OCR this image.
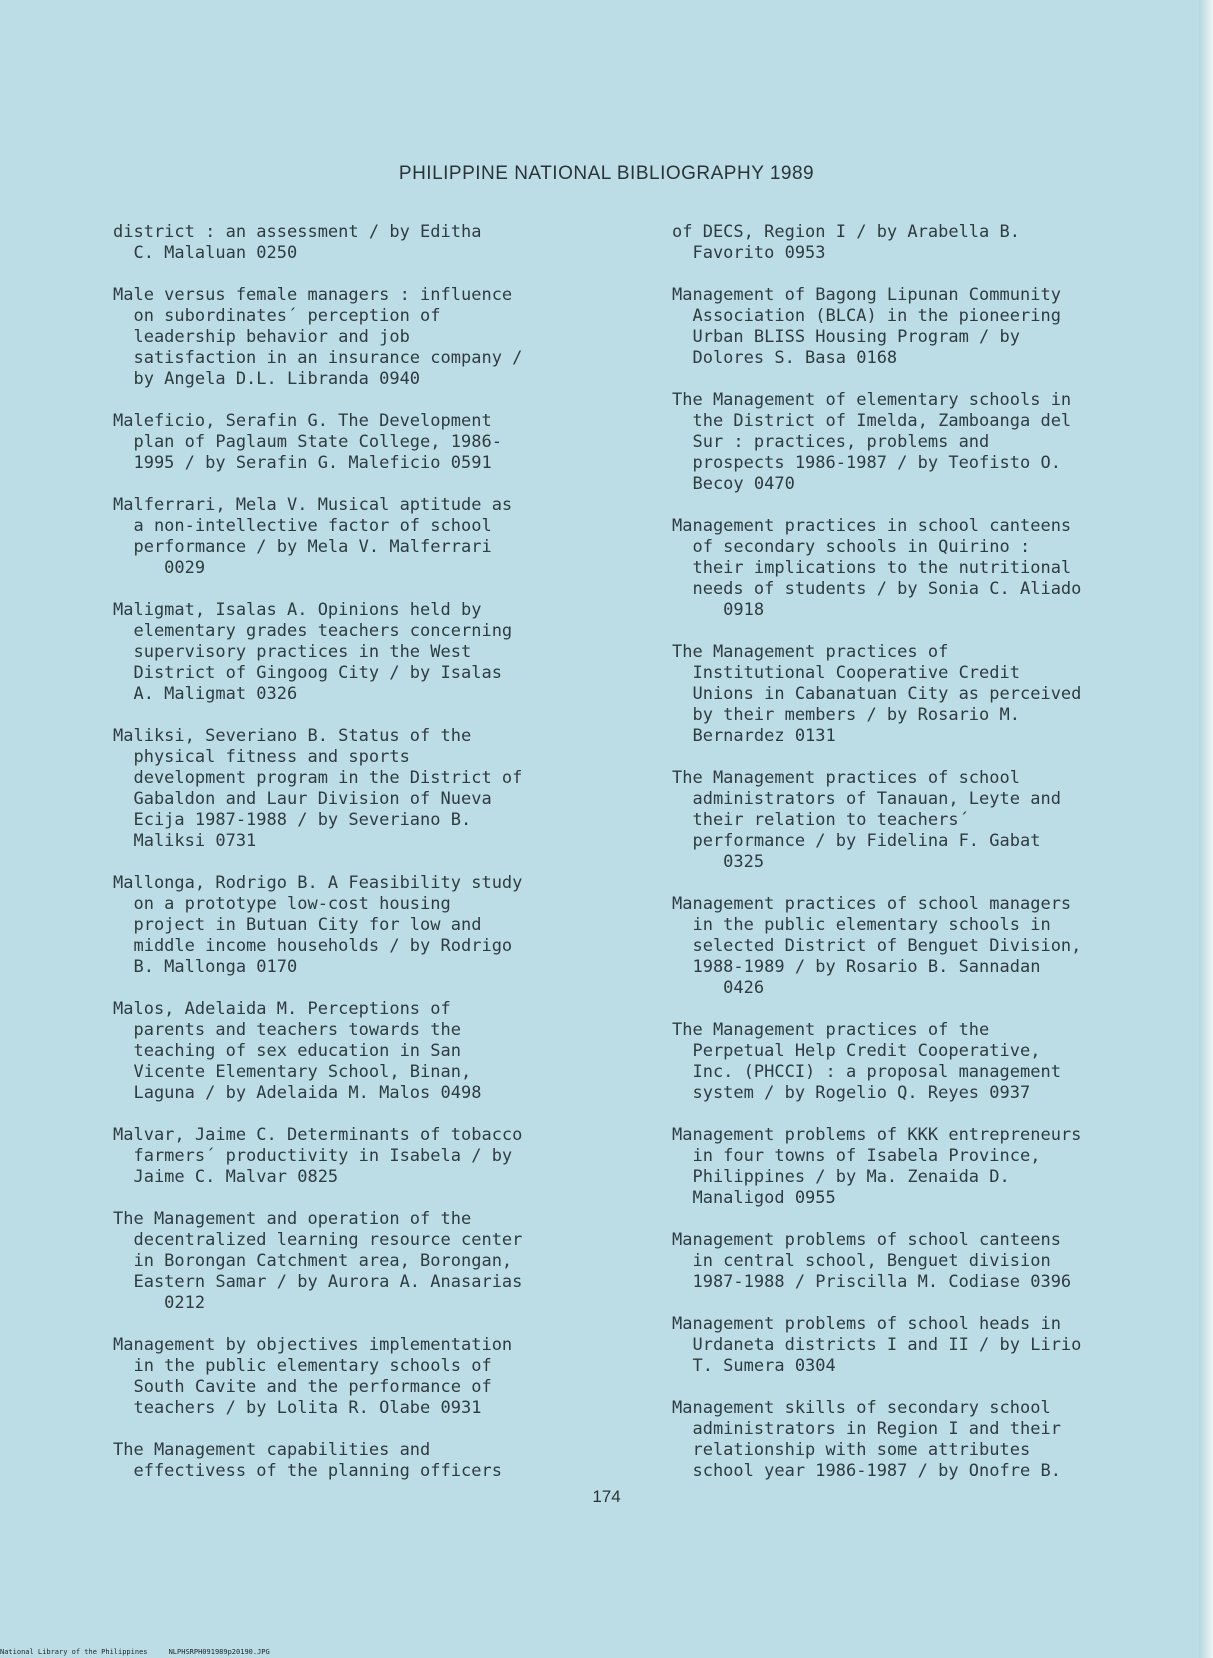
PHILIPPINE NATIONAL BIBLIOGRAPHY 1989

district : an assessment / by Editha
C. Malaluan 0250

Male versus female managers : influence
on subordinates´ perception of
leadership behavior and job
satisfaction in an insurance company /
by Angela D.L. Libranda 0940

Maleficio, Serafin G. The Development
plan of Paglaum State College, 1986-
1995 / by Serafin G. Maleficio 0591

Malferrari, Mela V. Musical aptitude as
a non-intellective factor of school
performance / by Mela V. Malferrari
0029

Maligmat, Isalas A. Opinions held by
elementary grades teachers concerning
supervisory practices in the West
District of Gingoog City / by Isalas
A. Maligmat 0326

Maliksi, Severiano B. Status of the
physical fitness and sports
development program in the District of
Gabaldon and Laur Division of Nueva
Ecija 1987-1988 / by Severiano B.
Maliksi 0731

Mallonga, Rodrigo B. A Feasibility study
on a prototype low-cost housing
project in Butuan City for low and
middle income households / by Rodrigo
B. Mallonga 0170

Malos, Adelaida M. Perceptions of
parents and teachers towards the
teaching of sex education in San
Vicente Elementary School, Binan,
Laguna / by Adelaida M. Malos 0498

Malvar, Jaime C. Determinants of tobacco
farmers´ productivity in Isabela / by
Jaime C. Malvar 0825

The Management and operation of the
decentralized learning resource center
in Borongan Catchment area, Borongan,
Eastern Samar / by Aurora A. Anasarias
0212

Management by objectives implementation
in the public elementary schools of
South Cavite and the performance of
teachers / by Lolita R. Olabe 0931

The Management capabilities and
effectivess of the planning officers

of DECS, Region I / by Arabella B.
Favorito 0953

Management of Bagong Lipunan Community
Association (BLCA) in the pioneering
Urban BLISS Housing Program / by
Dolores S. Basa 0168

The Management of elementary schools in
the District of Imelda, Zamboanga del
Sur : practices, problems and
prospects 1986-1987 / by Teofisto O.
Becoy 0470

Management practices in school canteens
of secondary schools in Quirino :
their implications to the nutritional
needs of students / by Sonia C. Aliado
0918

The Management practices of
Institutional Cooperative Credit
Unions in Cabanatuan City as perceived
by their members / by Rosario M.
Bernardez 0131

The Management practices of school
administrators of Tanauan, Leyte and
their relation to teachers´
performance / by Fidelina F. Gabat
0325

Management practices of school managers
in the public elementary schools in
selected District of Benguet Division,
1988-1989 / by Rosario B. Sannadan
0426

The Management practices of the
Perpetual Help Credit Cooperative,
Inc. (PHCCI) : a proposal management
system / by Rogelio Q. Reyes 0937

Management problems of KKK entrepreneurs
in four towns of Isabela Province,
Philippines / by Ma. Zenaida D.
Manaligod 0955

Management problems of school canteens
in central school, Benguet division
1987-1988 / Priscilla M. Codiase 0396

Management problems of school heads in
Urdaneta districts I and II / by Lirio
T. Sumera 0304

Management skills of secondary school
administrators in Region I and their
relationship with some attributes
school year 1986-1987 / by Onofre B.

174
National Library of the Philippines	NLPHSRPH091989p20190.JPG
